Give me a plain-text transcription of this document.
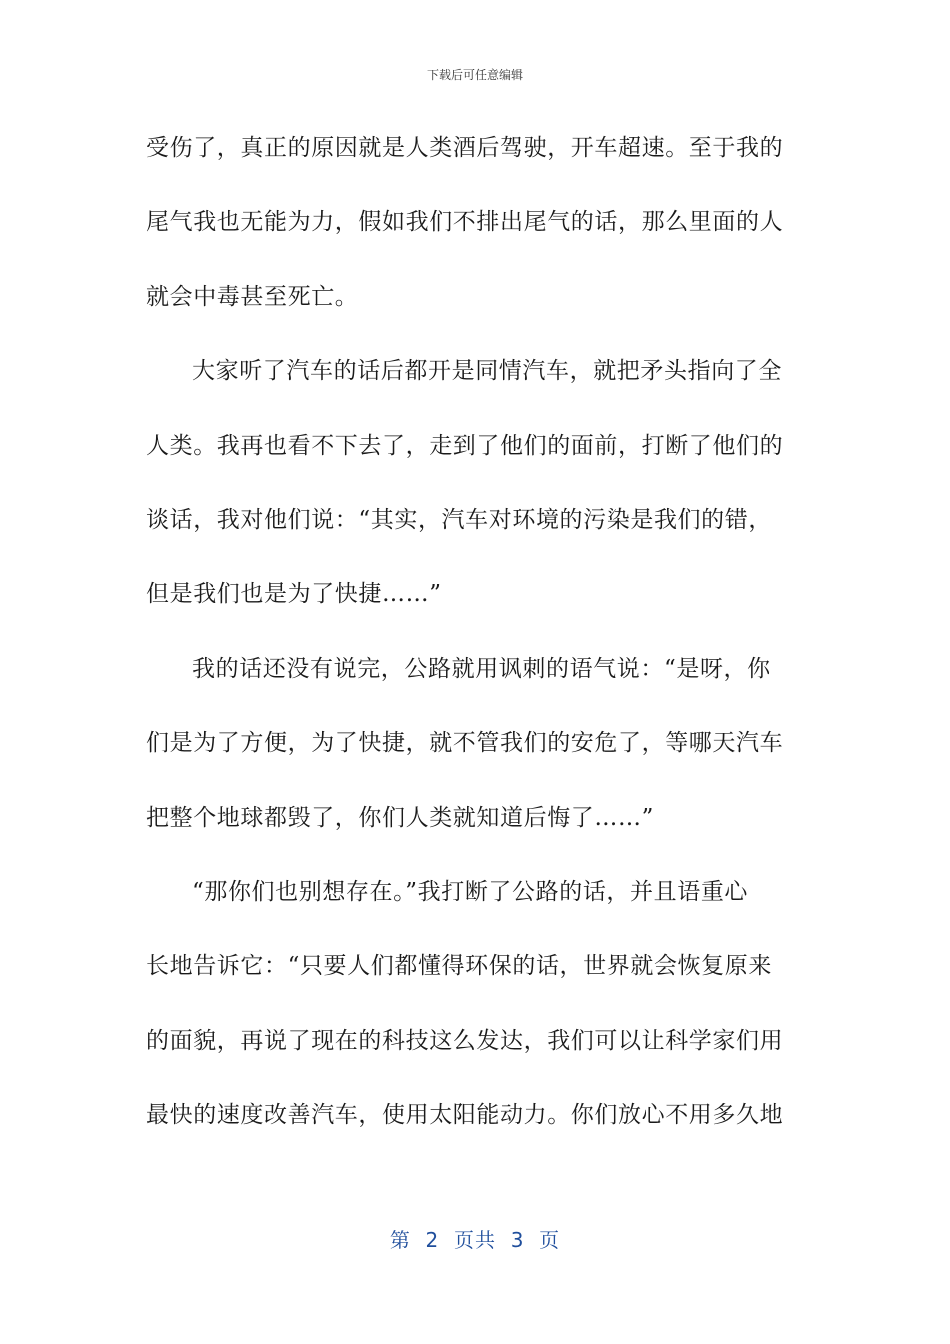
下载后可任意编辑
受伤了，真正的原因就是人类酒后驾驶，开车超速。至于我的
尾气我也无能为力，假如我们不排出尾气的话，那么里面的人
就会中毒甚至死亡。
大家听了汽车的话后都开是同情汽车，就把矛头指向了全
人类。我再也看不下去了，走到了他们的面前，打断了他们的
谈话，我对他们说：“其实，汽车对环境的污染是我们的错，
但是我们也是为了快捷……”
我的话还没有说完，公路就用讽刺的语气说：“是呀，你
们是为了方便，为了快捷，就不管我们的安危了，等哪天汽车
把整个地球都毁了，你们人类就知道后悔了……”
“那你们也别想存在。”我打断了公路的话，并且语重心
长地告诉它：“只要人们都懂得环保的话，世界就会恢复原来
的面貌，再说了现在的科技这么发达，我们可以让科学家们用
最快的速度改善汽车，使用太阳能动力。你们放心不用多久地
第  2  页共  3  页
